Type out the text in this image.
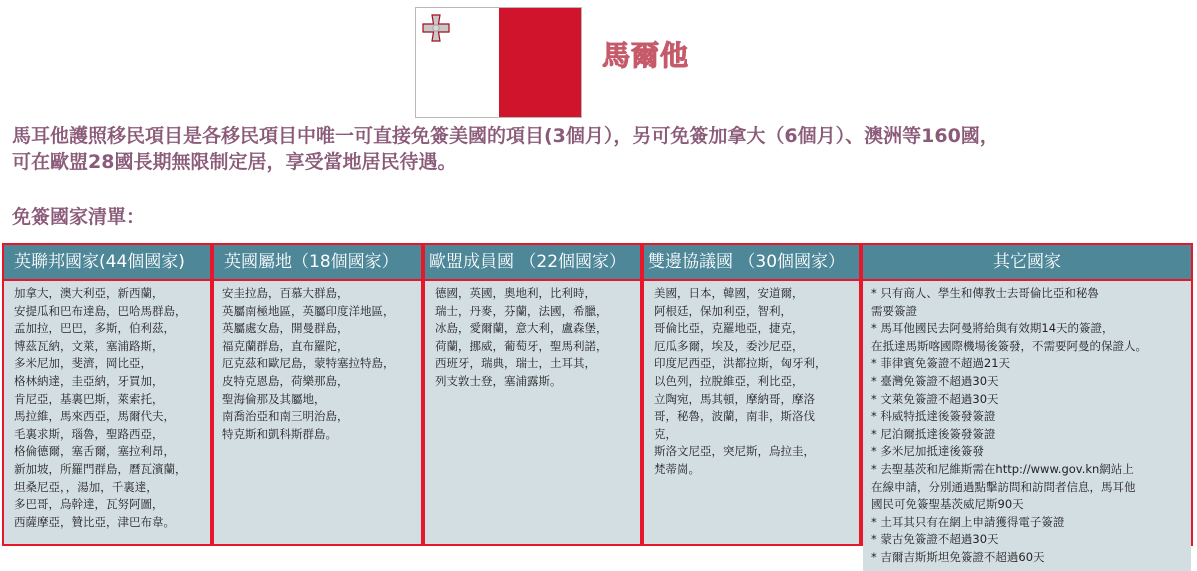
馬爾他
馬耳他護照移民項目是各移民項目中唯一可直接免簽美國的項目(3個月），另可免簽加拿大（6個月）、澳洲等160國，
可在歐盟28國長期無限制定居，享受當地居民待遇。
免簽國家清單：
英聯邦國家(44個國家)
加拿大，澳大利亞，新西蘭，
安提瓜和巴布達島，巴哈馬群島，
孟加拉，巴巴，多斯，伯利茲，
博茲瓦納，文萊，塞浦路斯，
多米尼加，斐濟，岡比亞，
格林納達，圭亞納，牙買加，
肯尼亞，基裏巴斯，萊索托，
馬拉維，馬來西亞，馬爾代夫，
毛裏求斯，瑙魯，聖路西亞，
格倫德爾，塞舌爾，塞拉利昂，
新加坡，所羅門群島，曆瓦濱蘭，
坦桑尼亞，，湯加，千裏達，
多巴哥，烏幹達，瓦努阿圖，
西薩摩亞，贊比亞，津巴布韋。
英國屬地（18個國家）
安圭拉島，百慕大群島，
英屬南極地區，英屬印度洋地區，
英屬處女島，開曼群島，
福克蘭群島，直布羅陀，
厄克茲和歐尼島，蒙特塞拉特島，
皮特克恩島，荷樂那島，
聖海倫那及其屬地，
南喬治亞和南三明治島，
特克斯和凱科斯群島。
歐盟成員國 （22個國家）
德國，英國，奧地利，比利時，
瑞士，丹麥，芬蘭，法國，希臘，
冰島，愛爾蘭，意大利，盧森堡，
荷蘭，挪威，葡萄牙，聖馬利諾，
西班牙，瑞典，瑞士，土耳其，
列支敦士登，塞浦露斯。
雙邊協議國 （30個國家）
美國，日本，韓國，安道爾，
阿根廷，保加利亞，智利，
哥倫比亞，克羅地亞，捷克，
厄瓜多爾，埃及，委沙尼亞，
印度尼西亞，洪都拉斯，匈牙利，
以色列，拉脫維亞，利比亞，
立陶宛，馬其頓，摩納哥，摩洛
哥，秘魯，波蘭，南非，斯洛伐
克，
斯洛文尼亞，突尼斯，烏拉圭，
梵蒂崗。
其它國家
* 只有商人、學生和傳教士去哥倫比亞和秘魯
需要簽證
* 馬耳他國民去阿曼將給與有效期14天的簽證，
在抵達馬斯喀國際機場後簽發，不需要阿曼的保證人。
* 菲律賓免簽證不超過21天
* 臺灣免簽證不超過30天
* 文萊免簽證不超過30天
* 科威特抵達後簽發簽證
* 尼泊爾抵達後簽發簽證
* 多米尼加抵達後簽發
* 去聖基茨和尼維斯需在http://www.gov.kn網站上
在線申請，分別通過點擊訪問和訪問者信息，馬耳他
國民可免簽聖基茨威尼斯90天
* 土耳其只有在網上申請獲得電子簽證
* 蒙古免簽證不超過30天
* 吉爾吉斯斯坦免簽證不超過60天
